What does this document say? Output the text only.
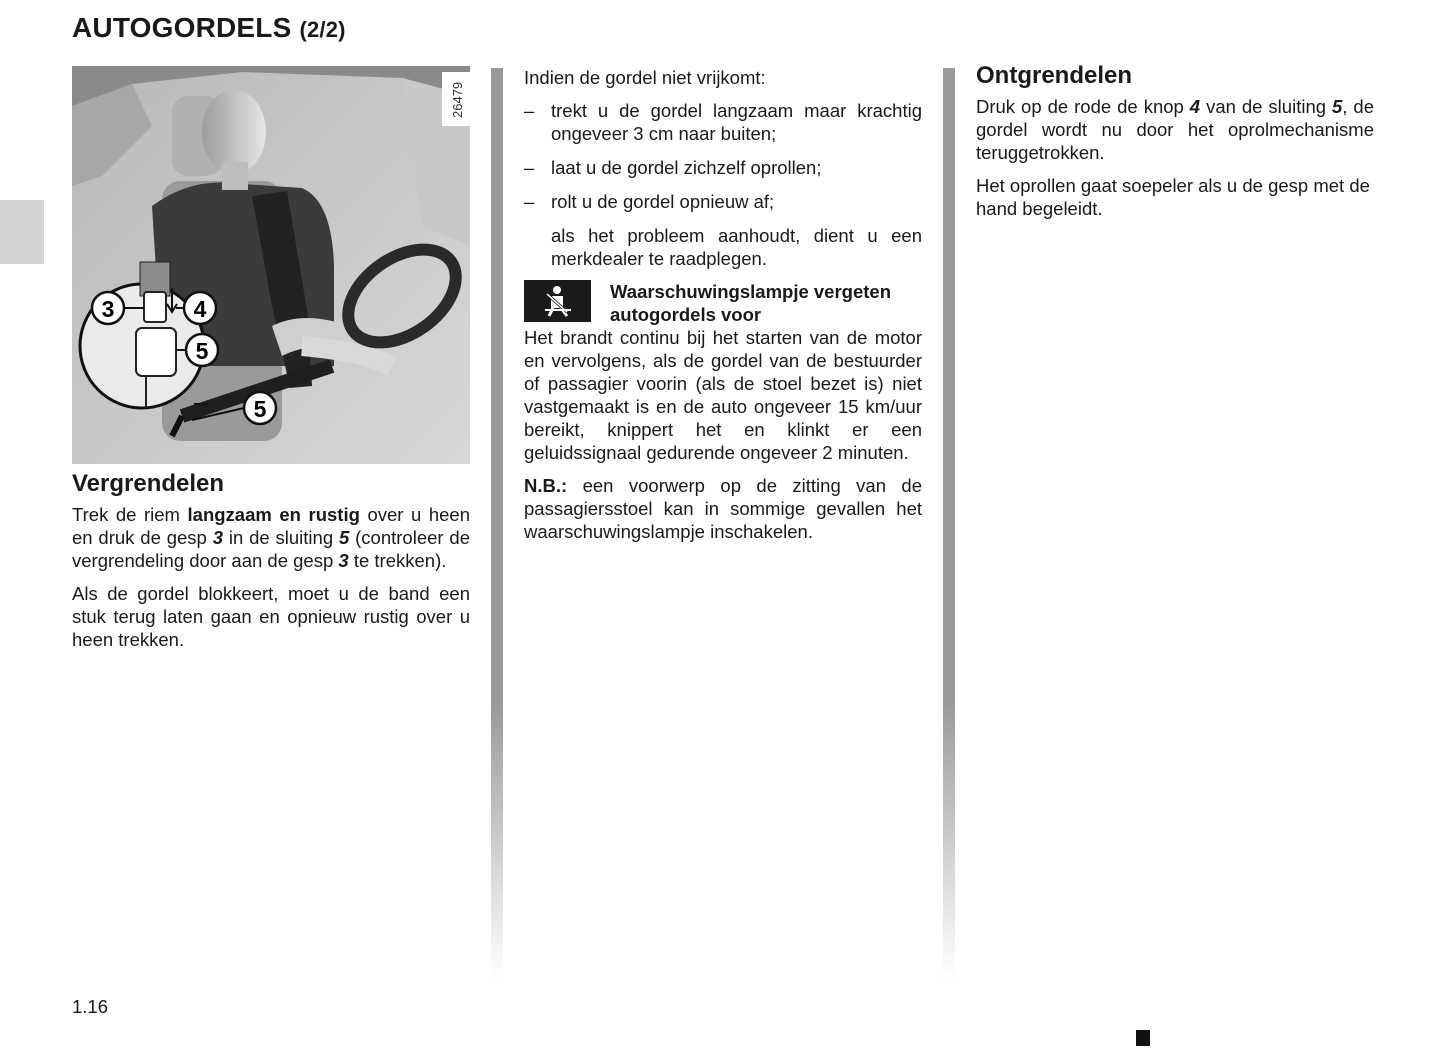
AUTOGORDELS (2/2)
26479
3	4
5
5
Vergrendelen

Trek de riem langzaam en rustig over u heen en druk de gesp 3 in de sluiting 5 (controleer de vergrendeling door aan de gesp 3 te trekken).

Als de gordel blokkeert, moet u de band een stuk terug laten gaan en opnieuw rustig over u heen trekken.

Indien de gordel niet vrijkomt:

– trekt u de gordel langzaam maar krachtig ongeveer 3 cm naar buiten;
– laat u de gordel zichzelf oprollen;
– rolt u de gordel opnieuw af;

als het probleem aanhoudt, dient u een merkdealer te raadplegen.

Waarschuwingslampje vergeten autogordels voor

Het brandt continu bij het starten van de motor en vervolgens, als de gordel van de bestuurder of passagier voorin (als de stoel bezet is) niet vastgemaakt is en de auto ongeveer 15 km/uur bereikt, knippert het en klinkt er een geluidssignaal gedurende ongeveer 2 minuten.

N.B.: een voorwerp op de zitting van de passagiersstoel kan in sommige gevallen het waarschuwingslampje inschakelen.

Ontgrendelen

Druk op de rode de knop 4 van de sluiting 5, de gordel wordt nu door het oprolmechanisme teruggetrokken.

Het oprollen gaat soepeler als u de gesp met de hand begeleidt.

1.16
